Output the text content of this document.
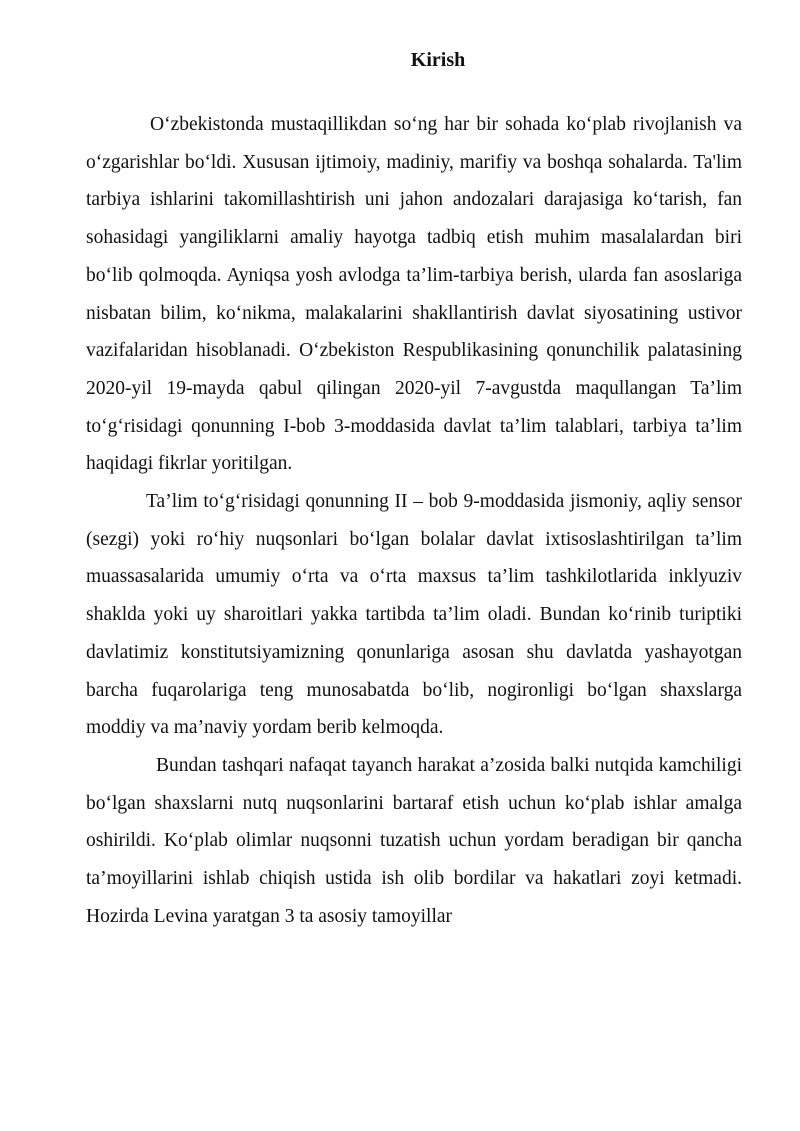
Kirish

O‘zbekistonda mustaqillikdan so‘ng har bir sohada ko‘plab rivojlanish va o‘zgarishlar bo‘ldi. Xususan ijtimoiy, madiniy, marifiy va boshqa sohalarda. Ta'lim tarbiya ishlarini takomillashtirish uni jahon andozalari darajasiga ko‘tarish, fan sohasidagi yangiliklarni amaliy hayotga tadbiq etish muhim masalalardan biri bo‘lib qolmoqda. Ayniqsa yosh avlodga ta’lim-tarbiya berish, ularda fan asoslariga nisbatan bilim, ko‘nikma, malakalarini shakllantirish davlat siyosatining ustivor vazifalaridan hisoblanadi. O‘zbekiston Respublikasining qonunchilik palatasining 2020-yil 19-mayda qabul qilingan 2020-yil 7-avgustda maqullangan Ta’lim to‘g‘risidagi qonunning I-bob 3-moddasida davlat ta’lim talablari, tarbiya ta’lim haqidagi fikrlar yoritilgan.

Ta’lim to‘g‘risidagi qonunning II – bob 9-moddasida jismoniy, aqliy sensor (sezgi) yoki ro‘hiy nuqsonlari bo‘lgan bolalar davlat ixtisoslashtirilgan ta’lim muassasalarida umumiy o‘rta va o‘rta maxsus ta’lim tashkilotlarida inklyuziv shaklda yoki uy sharoitlari yakka tartibda ta’lim oladi. Bundan ko‘rinib turiptiki davlatimiz konstitutsiyamizning qonunlariga asosan shu davlatda yashayotgan barcha fuqarolariga teng munosabatda bo‘lib, nogironligi bo‘lgan shaxslarga moddiy va ma’naviy yordam berib kelmoqda.

Bundan tashqari nafaqat tayanch harakat a’zosida balki nutqida kamchiligi bo‘lgan shaxslarni nutq nuqsonlarini bartaraf etish uchun ko‘plab ishlar amalga oshirildi. Ko‘plab olimlar nuqsonni tuzatish uchun yordam beradigan bir qancha ta’moyillarini ishlab chiqish ustida ish olib bordilar va hakatlari zoyi ketmadi. Hozirda Levina yaratgan 3 ta asosiy tamoyillar
